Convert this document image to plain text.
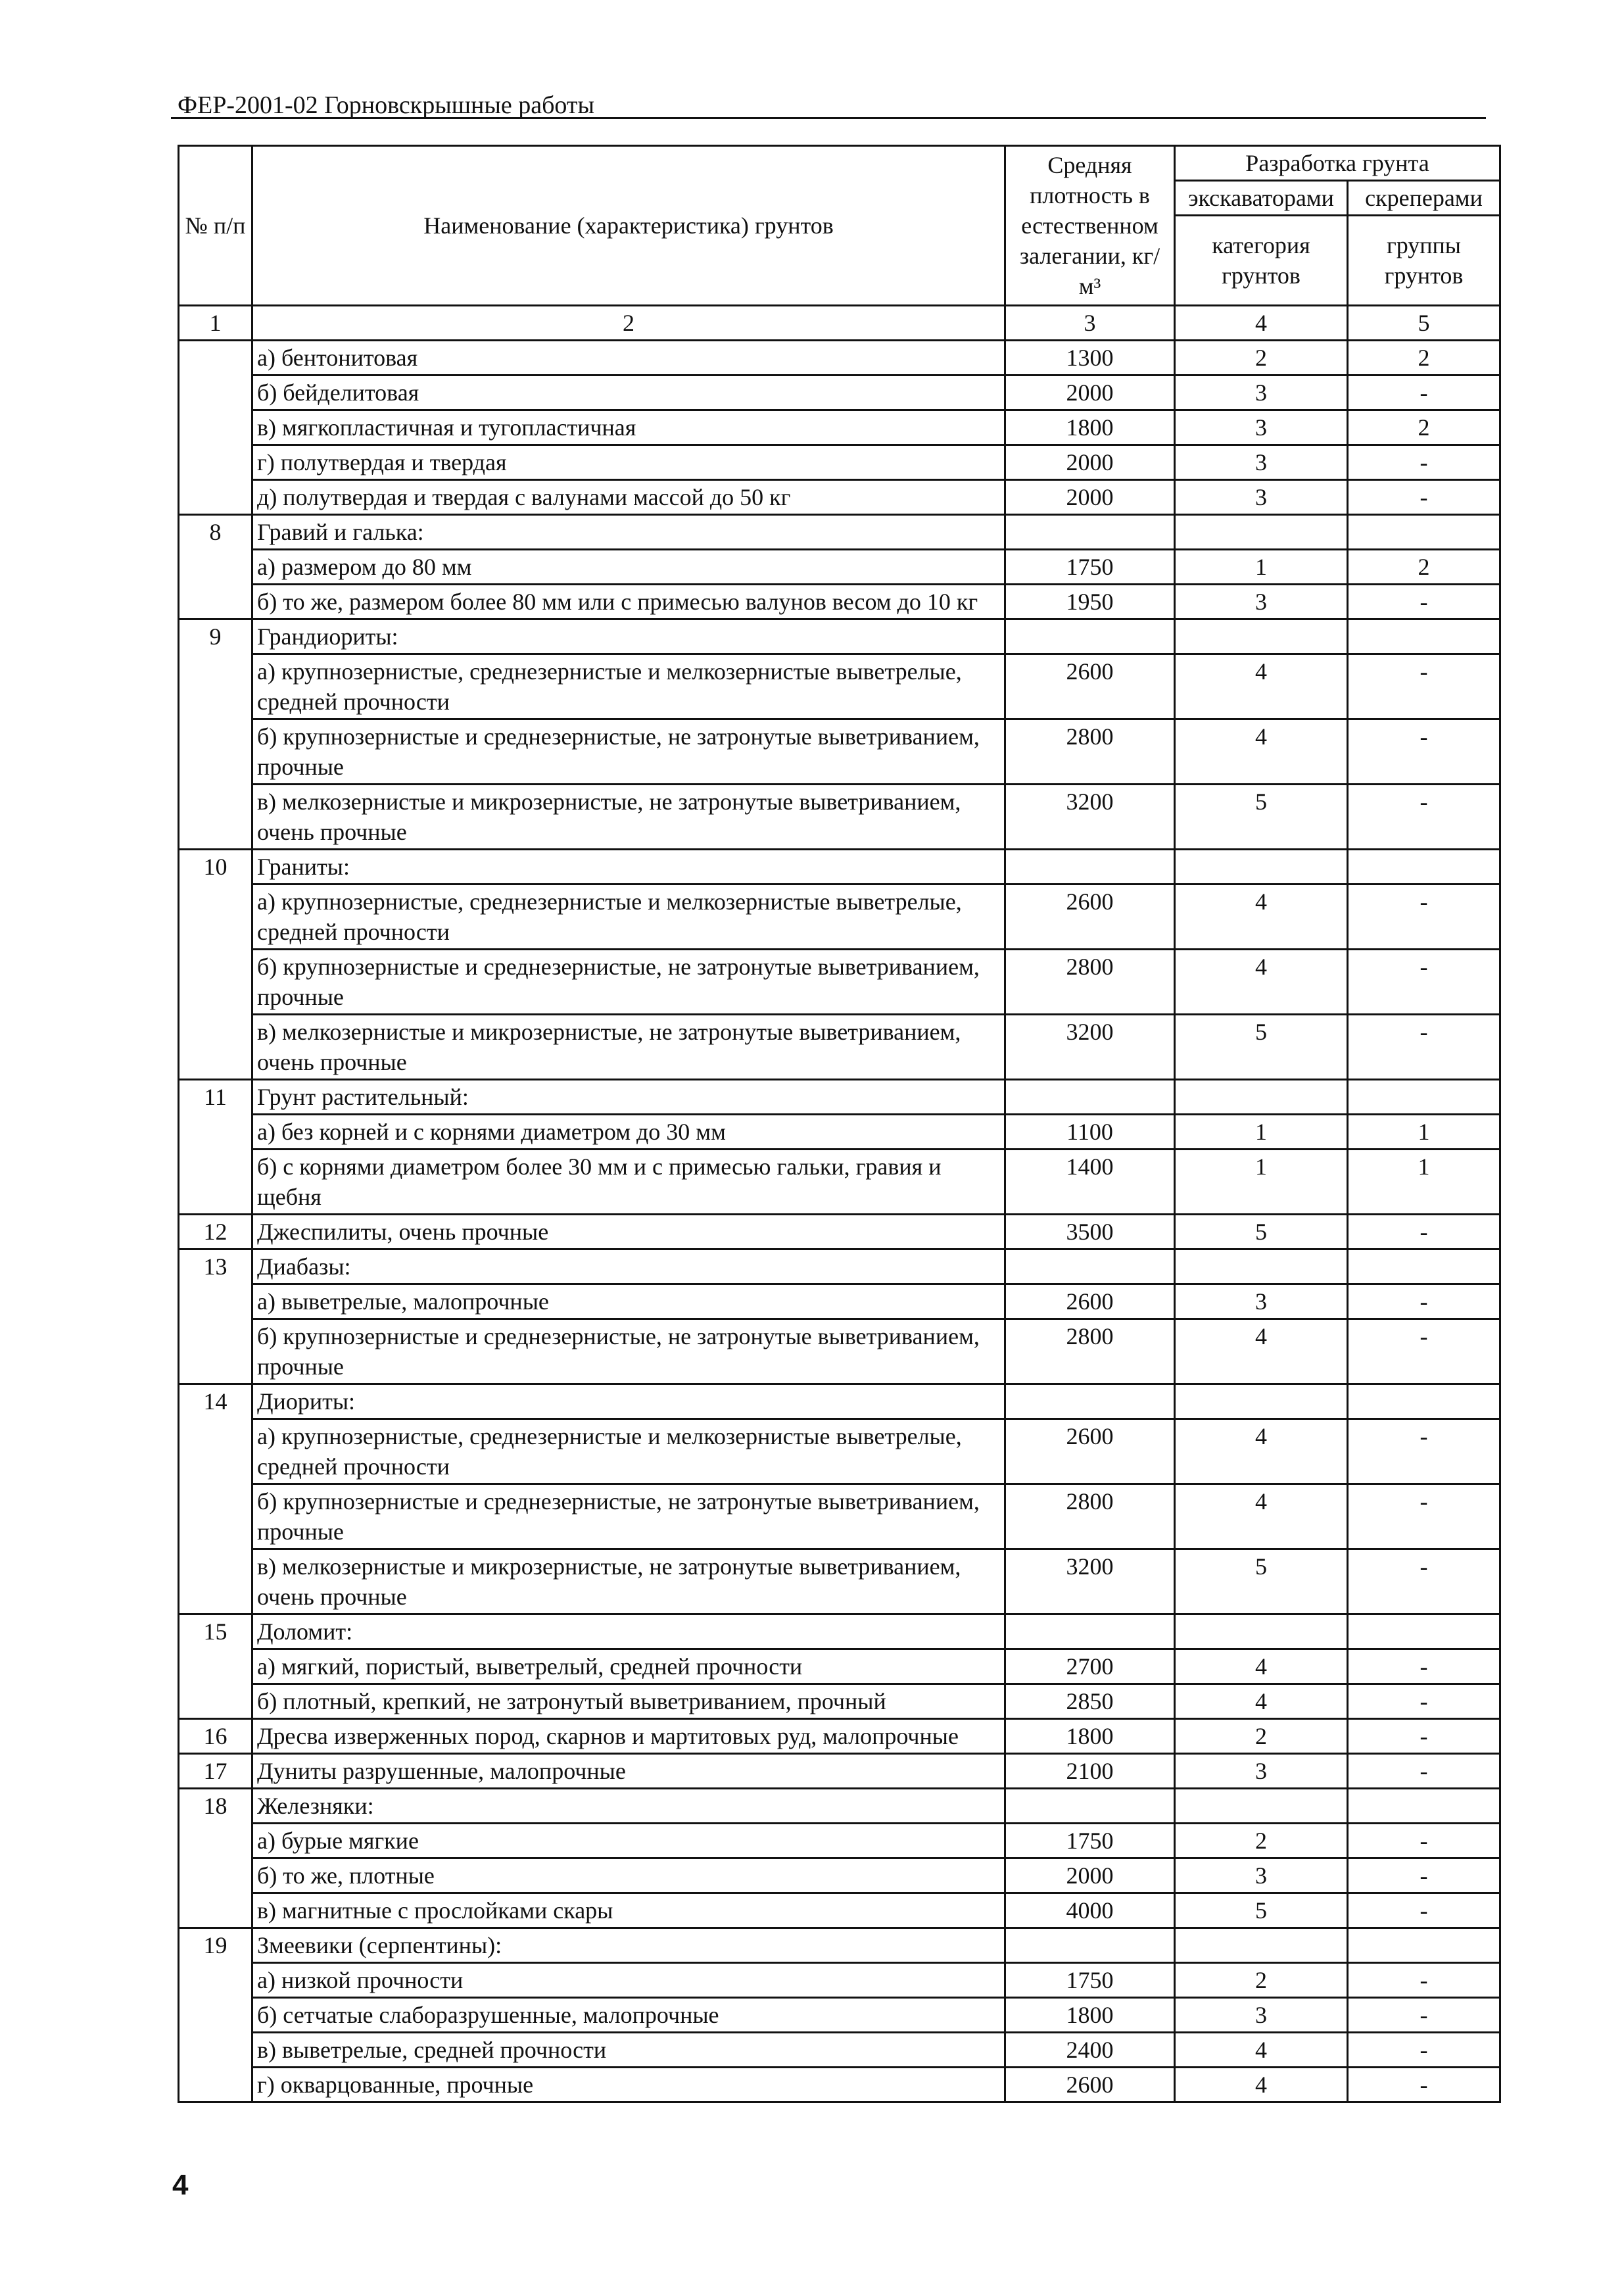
ФЕР-2001-02 Горновскрышные работы
№ п/п	Наименование (характеристика) грунтов	Средняя плотность в естественном залегании, кг/м³	Разработка грунта	
			экскаваторами	скреперами
			категория грунтов	группы грунтов
1	2	3	4	5
	а) бентонитовая	1300	2	2
	б) бейделитовая	2000	3	-
	в) мягкопластичная и тугопластичная	1800	3	2
	г) полутвердая и твердая	2000	3	-
	д) полутвердая и твердая с валунами массой до 50 кг	2000	3	-
8	Гравий и галька:			
	а) размером до 80 мм	1750	1	2
	б) то же, размером более 80 мм или с примесью валунов весом до 10 кг	1950	3	-
9	Грандиориты:			
	а) крупнозернистые, среднезернистые и мелкозернистые выветрелые, средней прочности	2600	4	-
	б) крупнозернистые и среднезернистые, не затронутые выветриванием, прочные	2800	4	-
	в) мелкозернистые и микрозернистые, не затронутые выветриванием, очень прочные	3200	5	-
10	Граниты:			
	а) крупнозернистые, среднезернистые и мелкозернистые выветрелые, средней прочности	2600	4	-
	б) крупнозернистые и среднезернистые, не затронутые выветриванием, прочные	2800	4	-
	в) мелкозернистые и микрозернистые, не затронутые выветриванием, очень прочные	3200	5	-
11	Грунт растительный:			
	а) без корней и с корнями диаметром до 30 мм	1100	1	1
	б) с корнями диаметром более 30 мм и с примесью гальки, гравия и щебня	1400	1	1
12	Джеспилиты, очень прочные	3500	5	-
13	Диабазы:			
	а) выветрелые, малопрочные	2600	3	-
	б) крупнозернистые и среднезернистые, не затронутые выветриванием, прочные	2800	4	-
14	Диориты:			
	а) крупнозернистые, среднезернистые и мелкозернистые выветрелые, средней прочности	2600	4	-
	б) крупнозернистые и среднезернистые, не затронутые выветриванием, прочные	2800	4	-
	в) мелкозернистые и микрозернистые, не затронутые выветриванием, очень прочные	3200	5	-
15	Доломит:			
	а) мягкий, пористый, выветрелый, средней прочности	2700	4	-
	б) плотный, крепкий, не затронутый выветриванием, прочный	2850	4	-
16	Дресва изверженных пород, скарнов и мартитовых руд, малопрочные	1800	2	-
17	Дуниты разрушенные, малопрочные	2100	3	-
18	Железняки:			
	а) бурые мягкие	1750	2	-
	б) то же, плотные	2000	3	-
	в) магнитные с прослойками скары	4000	5	-
19	Змеевики (серпентины):			
	а) низкой прочности	1750	2	-
	б) сетчатые слаборазрушенные, малопрочные	1800	3	-
	в) выветрелые, средней прочности	2400	4	-
	г) окварцованные, прочные	2600	4	-
4
